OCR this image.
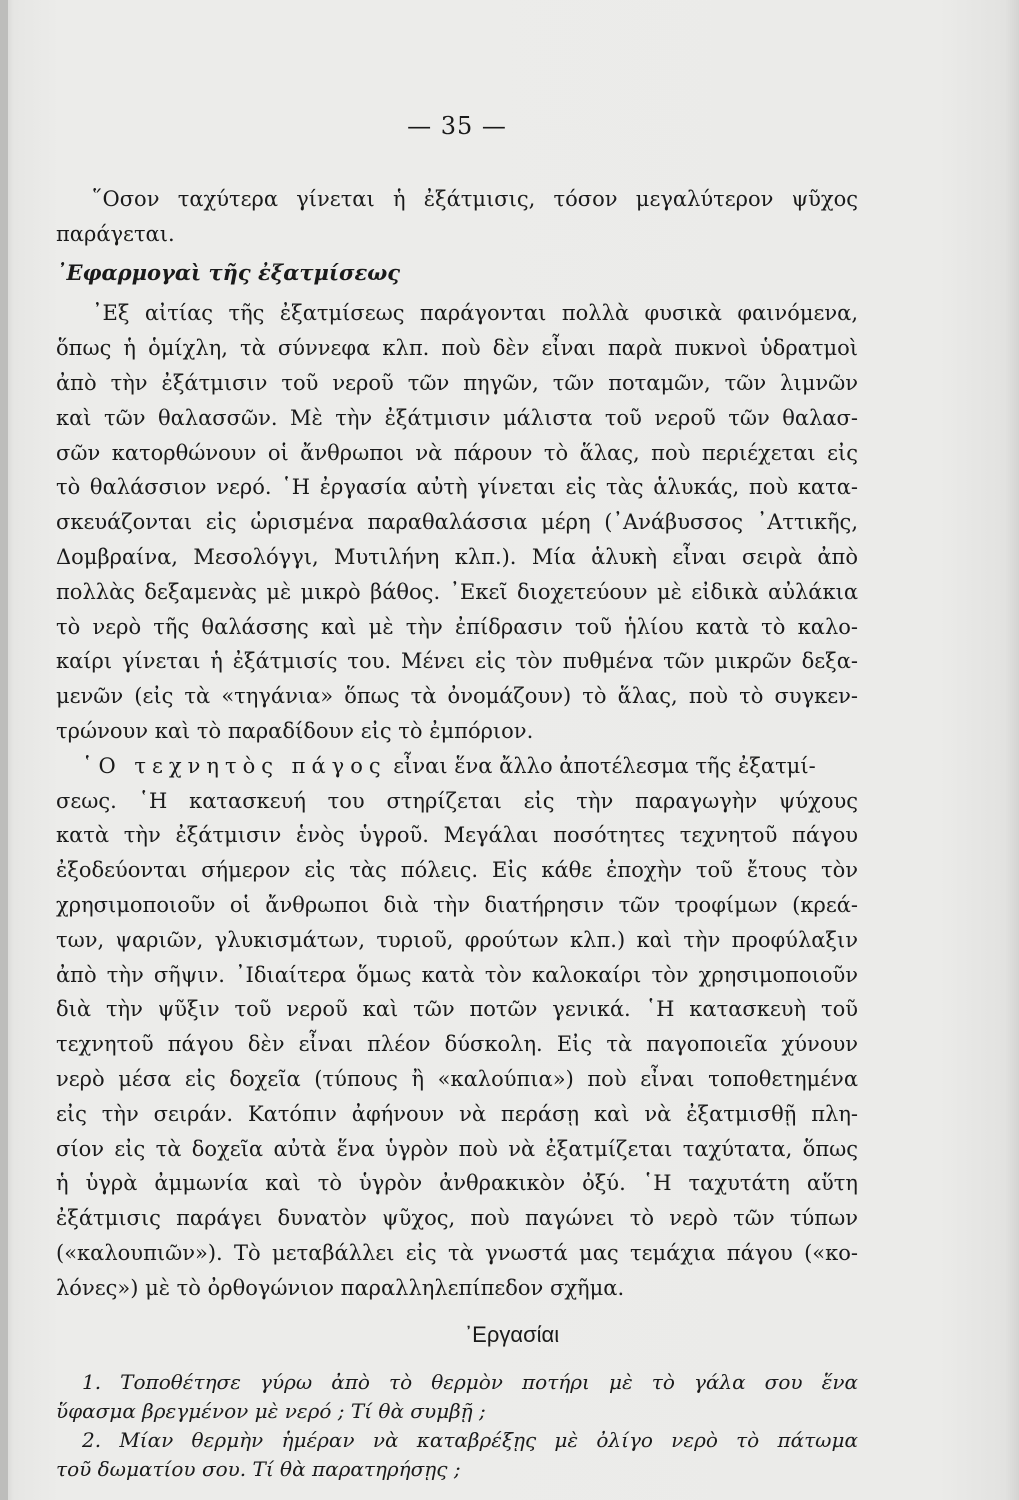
— 35 —
῞Οσον ταχύτερα γίνεται ἡ ἐξάτμισις, τόσον μεγαλύτερον ψῦχος
παράγεται.
᾿Εφαρμογαὶ τῆς ἐξατμίσεως
᾿Εξ αἰτίας τῆς ἐξατμίσεως παράγονται πολλὰ φυσικὰ φαινόμενα,
ὅπως ἡ ὁμίχλη, τὰ σύννεφα κλπ. ποὺ δὲν εἶναι παρὰ πυκνοὶ ὑδρατμοὶ
ἀπὸ τὴν ἐξάτμισιν τοῦ νεροῦ τῶν πηγῶν, τῶν ποταμῶν, τῶν λιμνῶν
καὶ τῶν θαλασσῶν. Μὲ τὴν ἐξάτμισιν μάλιστα τοῦ νεροῦ τῶν θαλασ-
σῶν κατορθώνουν οἱ ἄνθρωποι νὰ πάρουν τὸ ἅλας, ποὺ περιέχεται εἰς
τὸ θαλάσσιον νερό. ῾Η ἐργασία αὐτὴ γίνεται εἰς τὰς ἁλυκάς, ποὺ κατα-
σκευάζονται εἰς ὡρισμένα παραθαλάσσια μέρη (᾿Ανάβυσσος ᾿Αττικῆς,
Δομβραίνα, Μεσολόγγι, Μυτιλήνη κλπ.). Μία ἁλυκὴ εἶναι σειρὰ ἀπὸ
πολλὰς δεξαμενὰς μὲ μικρὸ βάθος. ᾿Εκεῖ διοχετεύουν μὲ εἰδικὰ αὐλάκια
τὸ νερὸ τῆς θαλάσσης καὶ μὲ τὴν ἐπίδρασιν τοῦ ἡλίου κατὰ τὸ καλο-
καίρι γίνεται ἡ ἐξάτμισίς του. Μένει εἰς τὸν πυθμένα τῶν μικρῶν δεξα-
μενῶν (εἰς τὰ «τηγάνια» ὅπως τὰ ὀνομάζουν) τὸ ἅλας, ποὺ τὸ συγκεν-
τρώνουν καὶ τὸ παραδίδουν εἰς τὸ ἐμπόριον.
῾Ο τεχνητὸς πάγος εἶναι ἕνα ἄλλο ἀποτέλεσμα τῆς ἐξατμί-
σεως. ῾Η κατασκευή του στηρίζεται εἰς τὴν παραγωγὴν ψύχους
κατὰ τὴν ἐξάτμισιν ἑνὸς ὑγροῦ. Μεγάλαι ποσότητες τεχνητοῦ πάγου
ἐξοδεύονται σήμερον εἰς τὰς πόλεις. Εἰς κάθε ἐποχὴν τοῦ ἔτους τὸν
χρησιμοποιοῦν οἱ ἄνθρωποι διὰ τὴν διατήρησιν τῶν τροφίμων (κρεά-
των, ψαριῶν, γλυκισμάτων, τυριοῦ, φρούτων κλπ.) καὶ τὴν προφύλαξιν
ἀπὸ τὴν σῆψιν. ᾿Ιδιαίτερα ὅμως κατὰ τὸν καλοκαίρι τὸν χρησιμοποιοῦν
διὰ τὴν ψῦξιν τοῦ νεροῦ καὶ τῶν ποτῶν γενικά. ῾Η κατασκευὴ τοῦ
τεχνητοῦ πάγου δὲν εἶναι πλέον δύσκολη. Εἰς τὰ παγοποιεῖα χύνουν
νερὸ μέσα εἰς δοχεῖα (τύπους ἢ «καλούπια») ποὺ εἶναι τοποθετημένα
εἰς τὴν σειράν. Κατόπιν ἀφήνουν νὰ περάσῃ καὶ νὰ ἐξατμισθῇ πλη-
σίον εἰς τὰ δοχεῖα αὐτὰ ἕνα ὑγρὸν ποὺ νὰ ἐξατμίζεται ταχύτατα, ὅπως
ἡ ὑγρὰ ἀμμωνία καὶ τὸ ὑγρὸν ἀνθρακικὸν ὀξύ. ῾Η ταχυτάτη αὕτη
ἐξάτμισις παράγει δυνατὸν ψῦχος, ποὺ παγώνει τὸ νερὸ τῶν τύπων
(«καλουπιῶν»). Τὸ μεταβάλλει εἰς τὰ γνωστά μας τεμάχια πάγου («κο-
λόνες») μὲ τὸ ὀρθογώνιον παραλληλεπίπεδον σχῆμα.
᾿Εργασίαι
1. Τοποθέτησε γύρω ἀπὸ τὸ θερμὸν ποτήρι μὲ τὸ γάλα σου ἕνα
ὕφασμα βρεγμένον μὲ νερό ; Τί θὰ συμβῇ ;
2. Μίαν θερμὴν ἡμέραν νὰ καταβρέξῃς μὲ ὀλίγο νερὸ τὸ πάτωμα
τοῦ δωματίου σου. Τί θὰ παρατηρήσῃς ;
